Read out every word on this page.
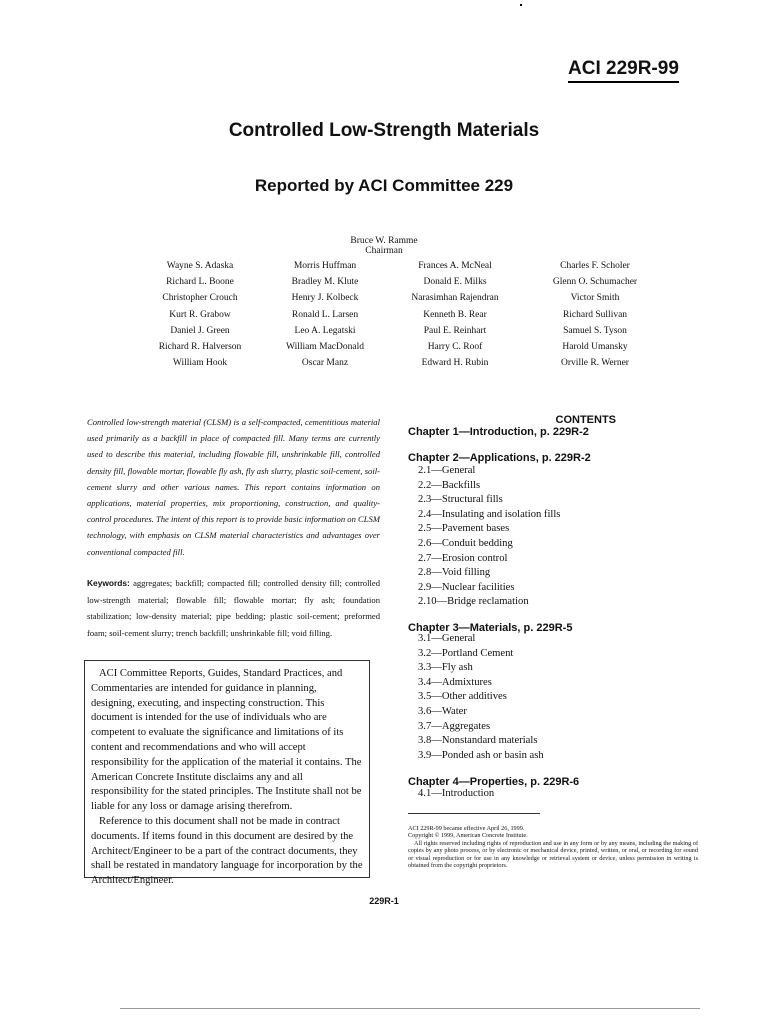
ACI 229R-99
Controlled Low-Strength Materials
Reported by ACI Committee 229
Bruce W. Ramme
Chairman
Wayne S. Adaska
Richard L. Boone
Christopher Crouch
Kurt R. Grabow
Daniel J. Green
Richard R. Halverson
William Hook
Morris Huffman
Bradley M. Klute
Henry J. Kolbeck
Ronald L. Larsen
Leo A. Legatski
William MacDonald
Oscar Manz
Frances A. McNeal
Donald E. Milks
Narasimhan Rajendran
Kenneth B. Rear
Paul E. Reinhart
Harry C. Roof
Edward H. Rubin
Charles F. Scholer
Glenn O. Schumacher
Victor Smith
Richard Sullivan
Samuel S. Tyson
Harold Umansky
Orville R. Werner

Controlled low-strength material (CLSM) is a self-compacted, cementitious material used primarily as a backfill in place of compacted fill. Many terms are currently used to describe this material, including flowable fill, unshrinkable fill, controlled density fill, flowable mortar, flowable fly ash, fly ash slurry, plastic soil-cement, soil-cement slurry and other various names. This report contains information on applications, material properties, mix proportioning, construction, and quality-control procedures. The intent of this report is to provide basic information on CLSM technology, with emphasis on CLSM material characteristics and advantages over conventional compacted fill.

Keywords: aggregates; backfill; compacted fill; controlled density fill; controlled low-strength material; flowable fill; flowable mortar; fly ash; foundation stabilization; low-density material; pipe bedding; plastic soil-cement; preformed foam; soil-cement slurry; trench backfill; unshrinkable fill; void filling.

ACI Committee Reports, Guides, Standard Practices, and Commentaries are intended for guidance in planning, designing, executing, and inspecting construction. This document is intended for the use of individuals who are competent to evaluate the significance and limitations of its content and recommendations and who will accept responsibility for the application of the material it contains. The American Concrete Institute disclaims any and all responsibility for the stated principles. The Institute shall not be liable for any loss or damage arising therefrom.

Reference to this document shall not be made in contract documents. If items found in this document are desired by the Architect/Engineer to be a part of the contract documents, they shall be restated in mandatory language for incorporation by the Architect/Engineer.

CONTENTS
Chapter 1—Introduction, p. 229R-2
Chapter 2—Applications, p. 229R-2
2.1—General
2.2—Backfills
2.3—Structural fills
2.4—Insulating and isolation fills
2.5—Pavement bases
2.6—Conduit bedding
2.7—Erosion control
2.8—Void filling
2.9—Nuclear facilities
2.10—Bridge reclamation
Chapter 3—Materials, p. 229R-5
3.1—General
3.2—Portland Cement
3.3—Fly ash
3.4—Admixtures
3.5—Other additives
3.6—Water
3.7—Aggregates
3.8—Nonstandard materials
3.9—Ponded ash or basin ash
Chapter 4—Properties, p. 229R-6
4.1—Introduction

ACI 229R-99 became effective April 26, 1999.
Copyright © 1999, American Concrete Institute.
All rights reserved including rights of reproduction and use in any form or by any means, including the making of copies by any photo process, or by electronic or mechanical device, printed, written, or oral, or recording for sound or visual reproduction or for use in any knowledge or retrieval system or device, unless permission in writing is obtained from the copyright proprietors.

229R-1
